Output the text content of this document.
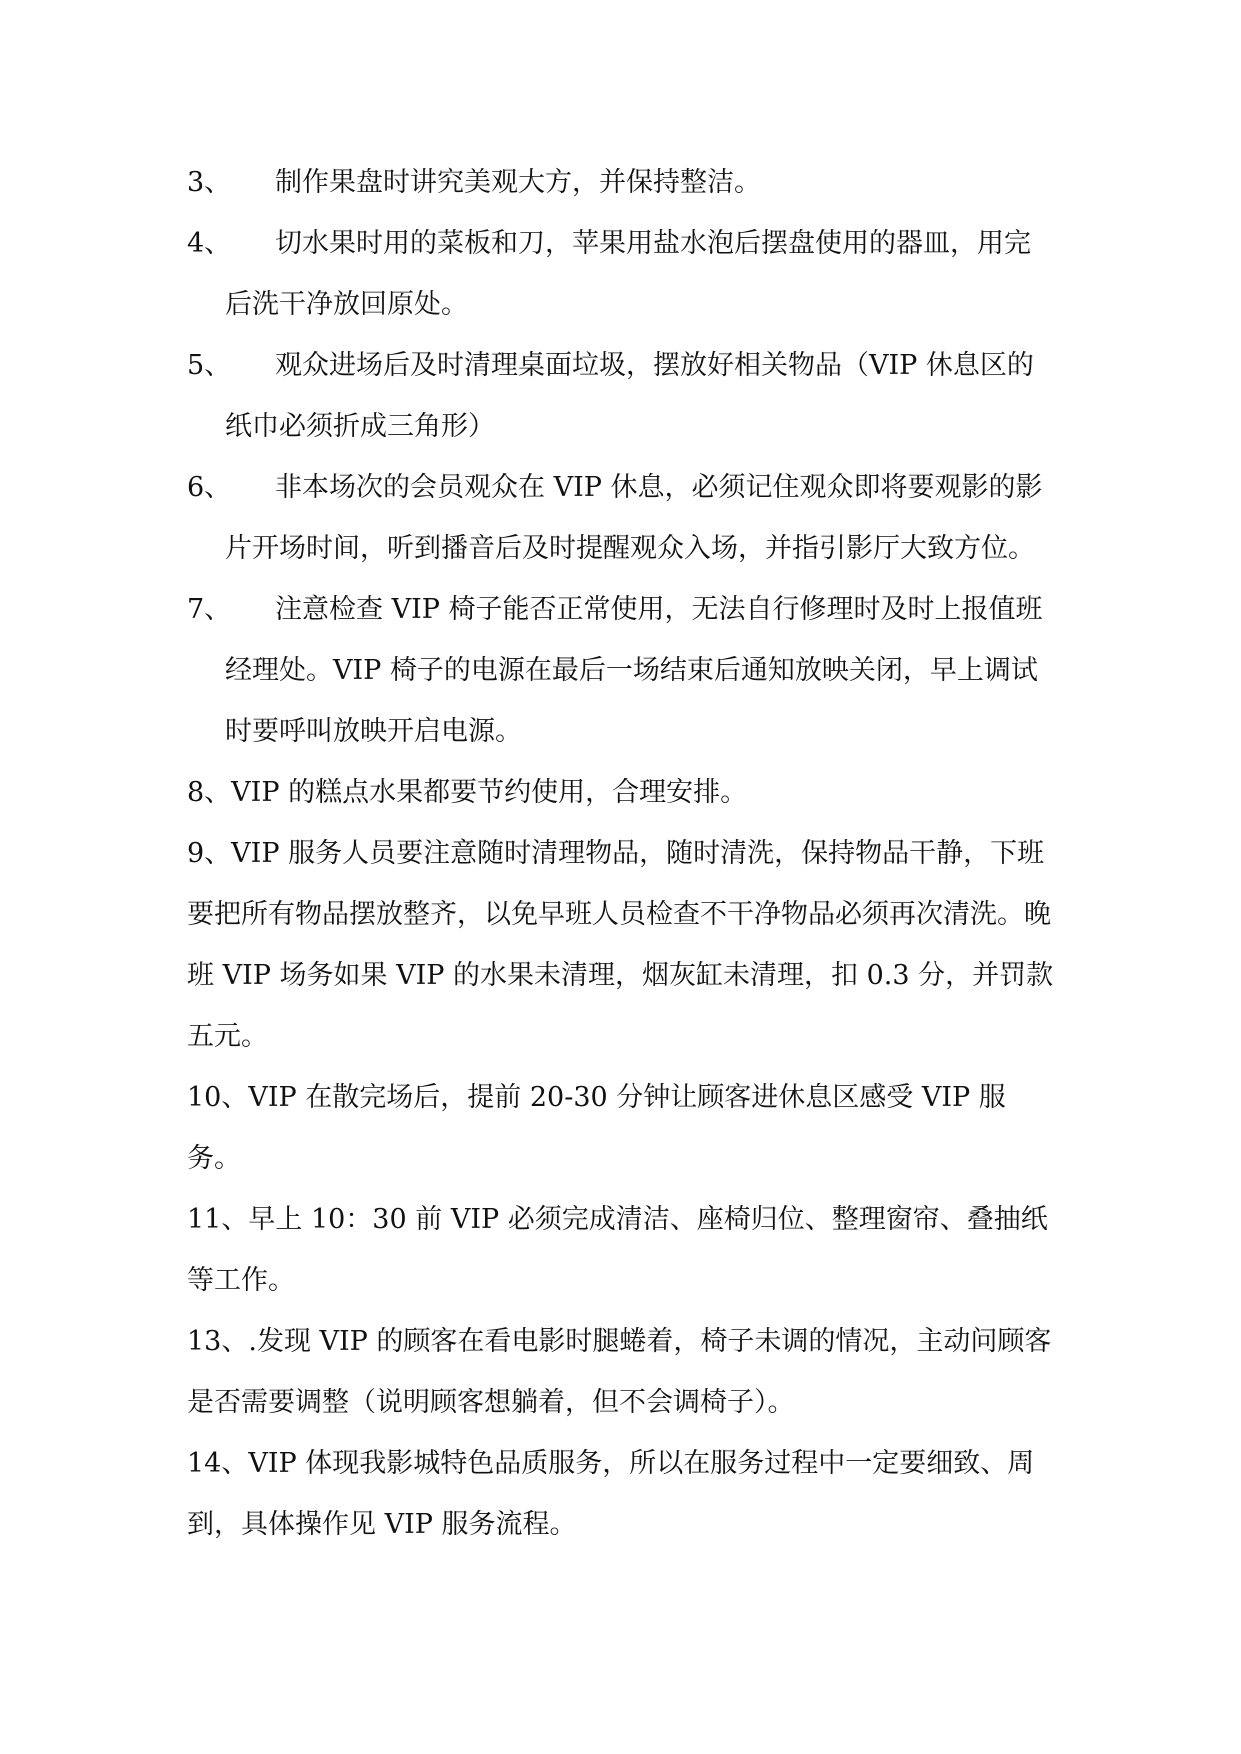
3、 制作果盘时讲究美观大方，并保持整洁。
4、 切水果时用的菜板和刀，苹果用盐水泡后摆盘使用的器皿，用完后洗干净放回原处。
5、 观众进场后及时清理桌面垃圾，摆放好相关物品（VIP 休息区的纸巾必须折成三角形）
6、 非本场次的会员观众在 VIP 休息，必须记住观众即将要观影的影片开场时间，听到播音后及时提醒观众入场，并指引影厅大致方位。
7、 注意检查 VIP 椅子能否正常使用，无法自行修理时及时上报值班经理处。VIP 椅子的电源在最后一场结束后通知放映关闭，早上调试时要呼叫放映开启电源。
8、VIP 的糕点水果都要节约使用，合理安排。
9、VIP 服务人员要注意随时清理物品，随时清洗，保持物品干静，下班要把所有物品摆放整齐，以免早班人员检查不干净物品必须再次清洗。晚班 VIP 场务如果 VIP 的水果未清理，烟灰缸未清理，扣 0.3 分，并罚款五元。
10、VIP 在散完场后，提前 20-30 分钟让顾客进休息区感受 VIP 服务。
11、早上 10：30 前 VIP 必须完成清洁、座椅归位、整理窗帘、叠抽纸等工作。
13、.发现 VIP 的顾客在看电影时腿蜷着，椅子未调的情况，主动问顾客是否需要调整（说明顾客想躺着，但不会调椅子）。
14、VIP 体现我影城特色品质服务，所以在服务过程中一定要细致、周到，具体操作见 VIP 服务流程。
